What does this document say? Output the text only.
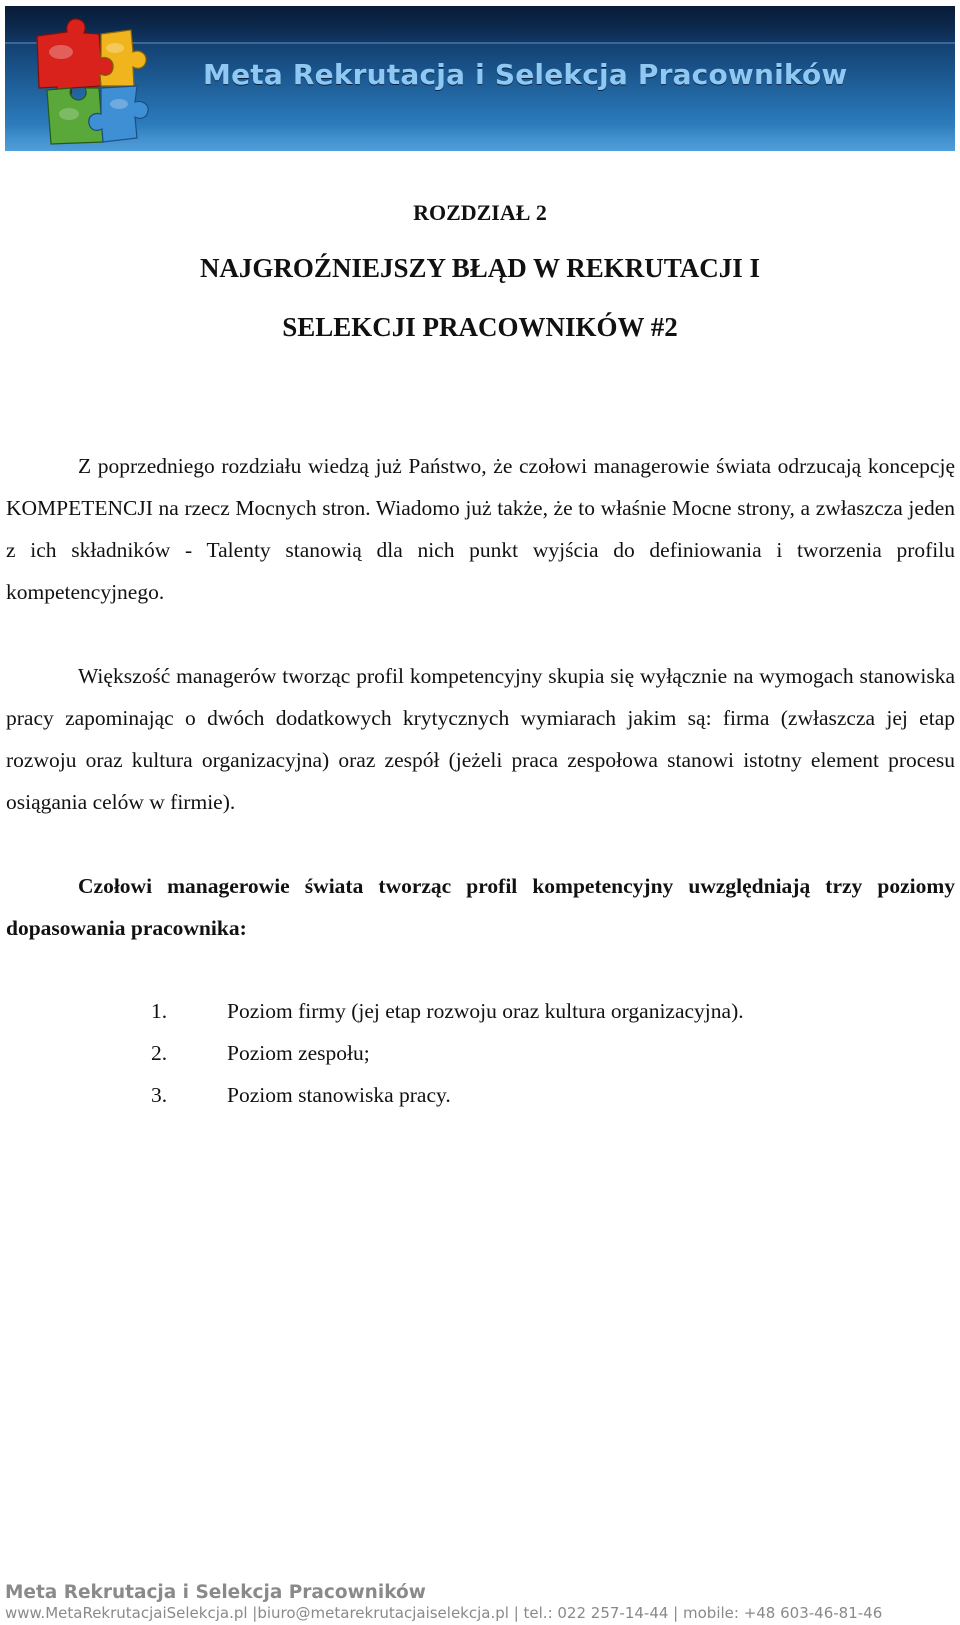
Meta Rekrutacja i Selekcja Pracowników
ROZDZIAŁ 2
NAJGROŹNIEJSZY BŁĄD W REKRUTACJI I
SELEKCJI PRACOWNIKÓW #2

Z poprzedniego rozdziału wiedzą już Państwo, że czołowi managerowie świata odrzucają koncepcję KOMPETENCJI na rzecz Mocnych stron. Wiadomo już także, że to właśnie Mocne strony, a zwłaszcza jeden z ich składników - Talenty stanowią dla nich punkt wyjścia do definiowania i tworzenia profilu kompetencyjnego.

Większość managerów tworząc profil kompetencyjny skupia się wyłącznie na wymogach stanowiska pracy zapominając o dwóch dodatkowych krytycznych wymiarach jakim są: firma (zwłaszcza jej etap rozwoju oraz kultura organizacyjna) oraz zespół (jeżeli praca zespołowa stanowi istotny element procesu osiągania celów w firmie).

Czołowi managerowie świata tworząc profil kompetencyjny uwzględniają trzy poziomy dopasowania pracownika:

1.	Poziom firmy (jej etap rozwoju oraz kultura organizacyjna).
2.	Poziom zespołu;
3.	Poziom stanowiska pracy.
Meta Rekrutacja i Selekcja Pracowników
www.MetaRekrutacjaiSelekcja.pl |biuro@metarekrutacjaiselekcja.pl | tel.: 022 257-14-44 | mobile: +48 603-46-81-46
